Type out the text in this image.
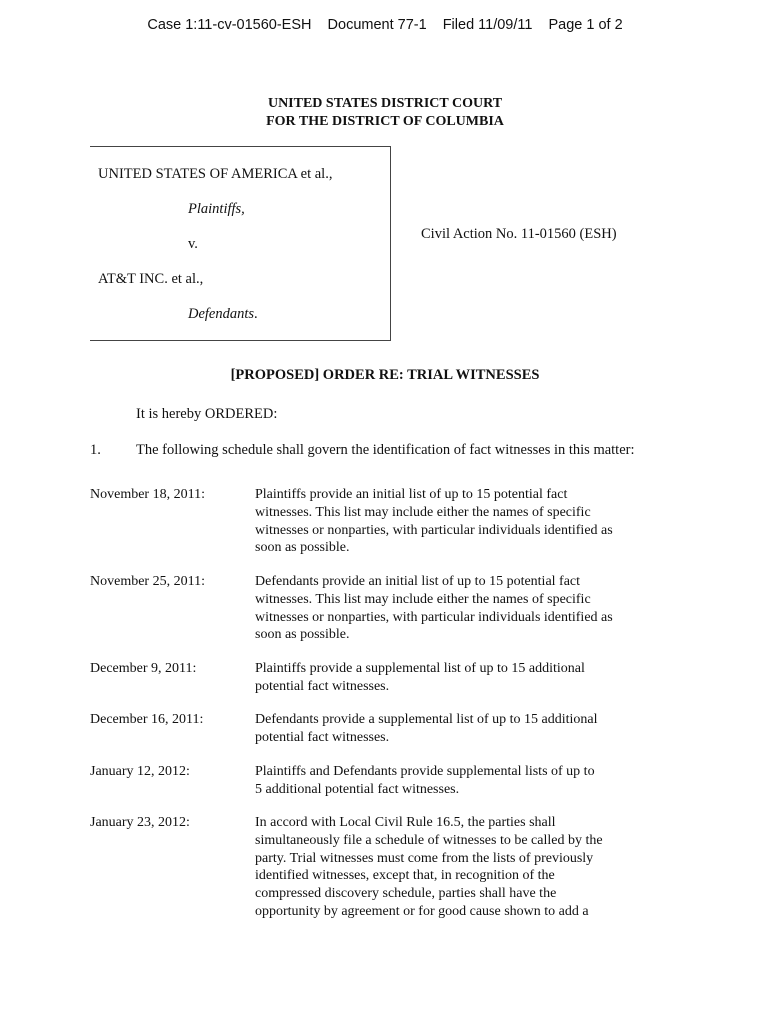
Case 1:11-cv-01560-ESH Document 77-1 Filed 11/09/11 Page 1 of 2
UNITED STATES DISTRICT COURT
FOR THE DISTRICT OF COLUMBIA
UNITED STATES OF AMERICA et al.,
Plaintiffs,
v.
AT&T INC. et al.,
Defendants.
Civil Action No. 11-01560 (ESH)
[PROPOSED] ORDER RE: TRIAL WITNESSES
It is hereby ORDERED:
1. The following schedule shall govern the identification of fact witnesses in this matter:
November 18, 2011:	Plaintiffs provide an initial list of up to 15 potential fact
witnesses. This list may include either the names of specific
witnesses or nonparties, with particular individuals identified as
soon as possible.
November 25, 2011:	Defendants provide an initial list of up to 15 potential fact
witnesses. This list may include either the names of specific
witnesses or nonparties, with particular individuals identified as
soon as possible.
December 9, 2011:	Plaintiffs provide a supplemental list of up to 15 additional
potential fact witnesses.
December 16, 2011:	Defendants provide a supplemental list of up to 15 additional
potential fact witnesses.
January 12, 2012:	Plaintiffs and Defendants provide supplemental lists of up to
5 additional potential fact witnesses.
January 23, 2012:	In accord with Local Civil Rule 16.5, the parties shall
simultaneously file a schedule of witnesses to be called by the
party. Trial witnesses must come from the lists of previously
identified witnesses, except that, in recognition of the
compressed discovery schedule, parties shall have the
opportunity by agreement or for good cause shown to add a
